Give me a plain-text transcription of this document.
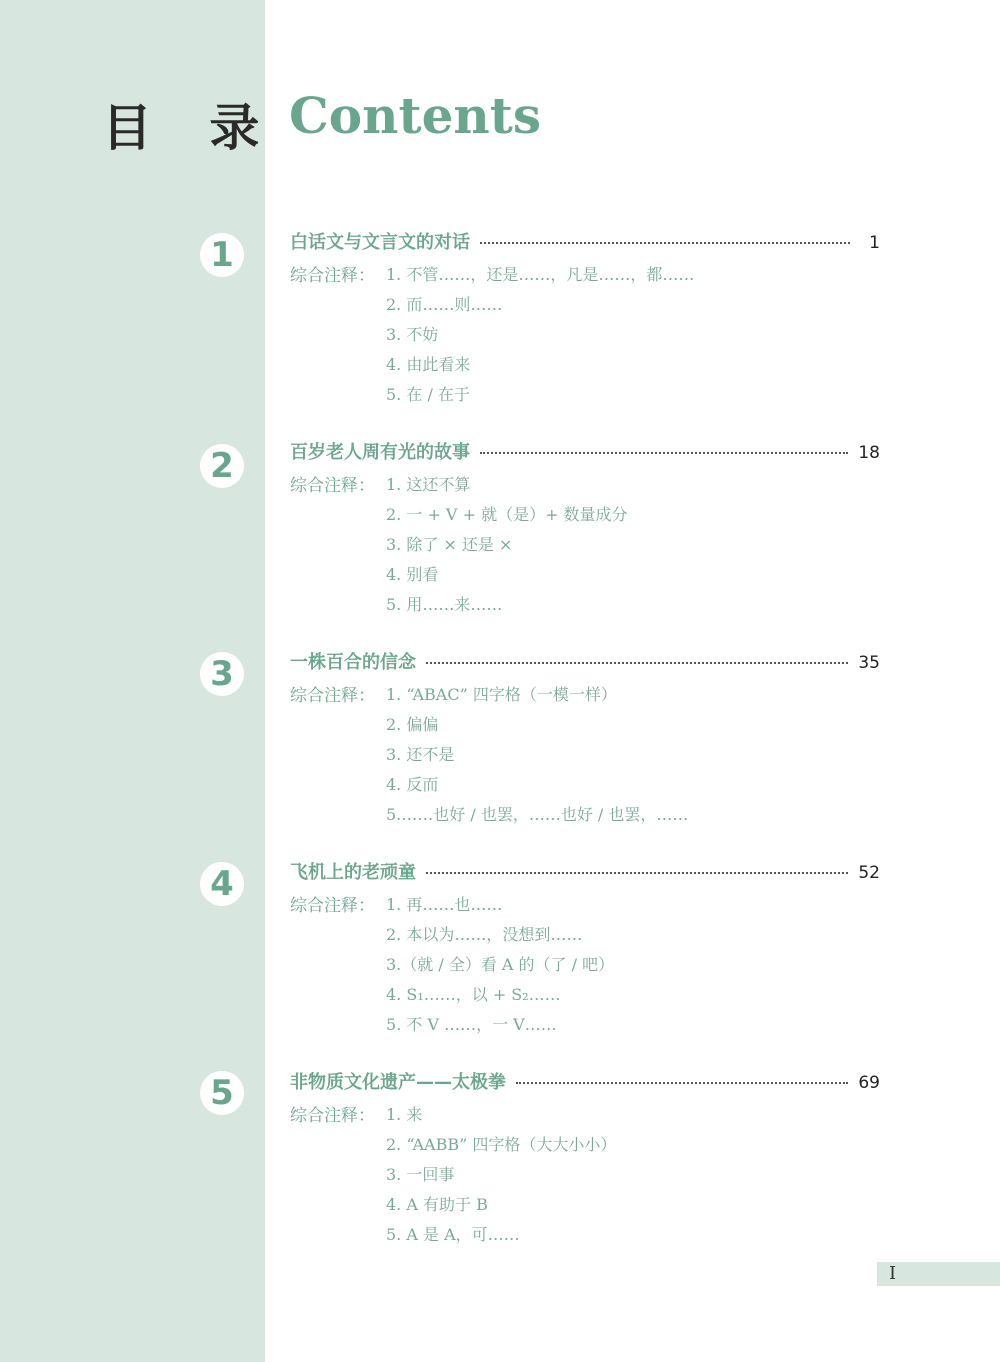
目 录 Contents
1	白话文与文言文的对话	1
综合注释： 1. 不管……，还是……，凡是……，都……
2. 而……则……
3. 不妨
4. 由此看来
5. 在 / 在于
2	百岁老人周有光的故事	18
综合注释： 1. 这还不算
2. 一 + V + 就（是）+ 数量成分
3. 除了 × 还是 ×
4. 别看
5. 用……来……
3	一株百合的信念	35
综合注释： 1. “ABAC” 四字格（一模一样）
2. 偏偏
3. 还不是
4. 反而
5.……也好 / 也罢，……也好 / 也罢，……
4	飞机上的老顽童	52
综合注释： 1. 再……也……
2. 本以为……，没想到……
3.（就 / 全）看 A 的（了 / 吧）
4. S₁……，以 + S₂……
5. 不 V ……，一 V……
5	非物质文化遗产——太极拳	69
综合注释： 1. 来
2. “AABB” 四字格（大大小小）
3. 一回事
4. A 有助于 B
5. A 是 A，可……
I
